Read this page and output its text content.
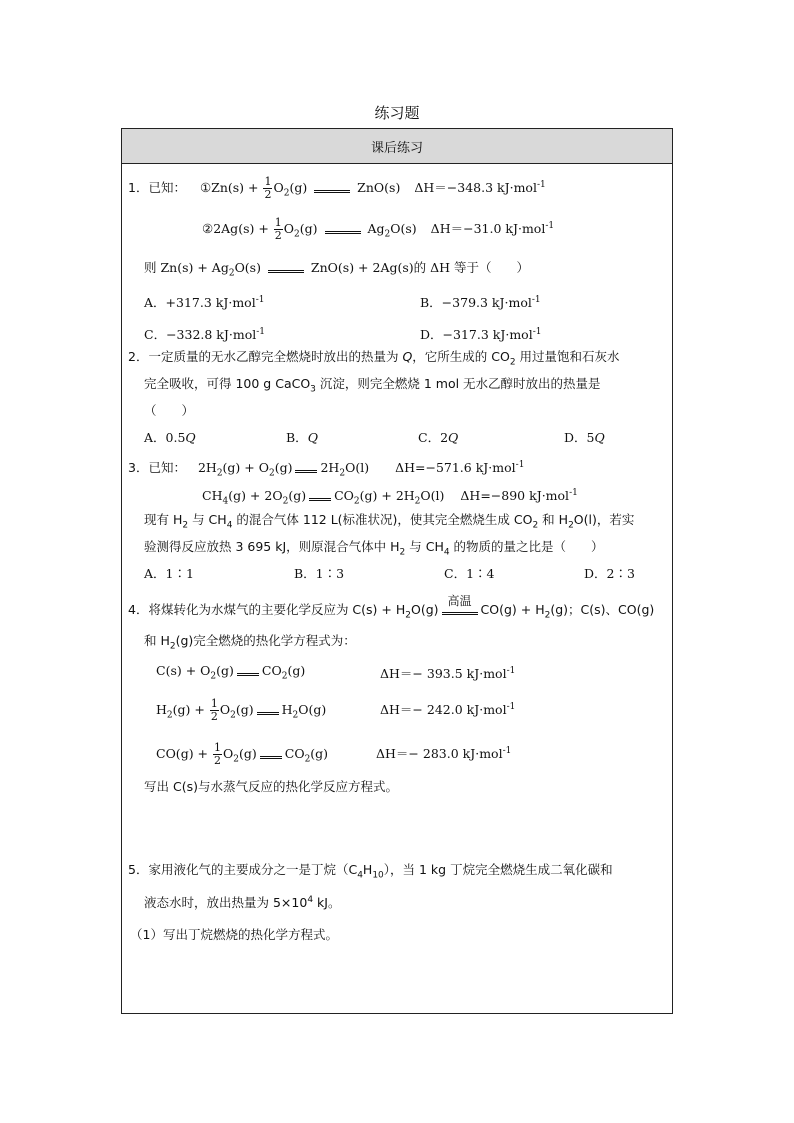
练习题
课后练习
1．已知： ①Zn(s) + $\frac{1}{2} O_2(g)$	ZnO(s) ΔH＝−348.3 kJ·mol$^{-1}$
②2Ag(s) + $\frac{1}{2} O_2(g)$	$Ag_2O(s)$ ΔH＝−31.0 kJ·mol$^{-1}$
则 $Zn(s) + Ag_2O(s)$	ZnO(s) + 2Ag(s)的 ΔH 等于（　　）
A．+317.3 kJ·mol$^{-1}$	B．−379.3 kJ·mol$^{-1}$
C．−332.8 kJ·mol$^{-1}$	D．−317.3 kJ·mol$^{-1}$
2．一定质量的无水乙醇完全燃烧时放出的热量为 Q，它所生成的 $CO_2$ 用过量饱和石灰水
完全吸收，可得 100 g CaCO$_3$ 沉淀，则完全燃烧 1 mol 无水乙醇时放出的热量是
（　　）
A．0.5Q	B．Q	C．2Q	D．5Q
3．已知： $2H_2(g) + O_2(g)$ $2H_2O(l)$ ΔH=−571.6 kJ·mol$^{-1}$
$CH_4(g) + 2O_2(g) CO_2(g) + 2H_2O(l)$ ΔH=−890 kJ·mol$^{-1}$
现有 $H_2$ 与 $CH_4$ 的混合气体 112 L(标准状况)，使其完全燃烧生成 $CO_2$ 和 $H_2O(l)$，若实
验测得反应放热 3 695 kJ，则原混合气体中 $H_2$ 与 $CH_4$ 的物质的量之比是（　　）
A．1∶1	B．1∶3	C．1∶4	D．2∶3
4．将煤转化为水煤气的主要化学反应为 $C(s) + H_2O(g)$
高温
$CO(g) + H_2(g)$；C(s)、CO(g)
和 $H_2(g)$完全燃烧的热化学方程式为：
$C(s) + O_2(g)$ $CO_2(g)$	ΔH＝− 393.5 kJ·mol$^{-1}$
$H_2(g) + \frac{1}{2} O_2(g)$ $H_2O(g)$	ΔH＝− 242.0 kJ·mol$^{-1}$
$CO(g) + \frac{1}{2} O_2(g)$ $CO_2(g)$	ΔH＝− 283.0 kJ·mol$^{-1}$
写出 C(s)与水蒸气反应的热化学反应方程式。
5．家用液化气的主要成分之一是丁烷$(C_4H_{10})$，当 1 kg 丁烷完全燃烧生成二氧化碳和
液态水时，放出热量为 $5\times 10^4$ kJ。
（1）写出丁烷燃烧的热化学方程式。
